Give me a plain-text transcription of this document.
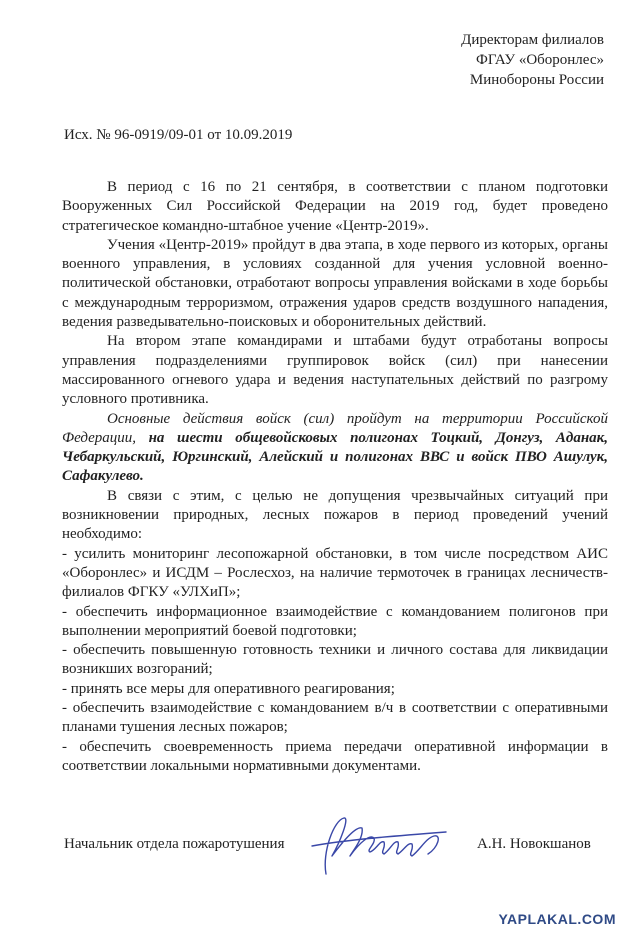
Директорам филиалов
ФГАУ «Оборонлес»
Минобороны России
Исх. № 96-0919/09-01 от 10.09.2019

В период с 16 по 21 сентября, в соответствии с планом подготовки Вооруженных Сил Российской Федерации на 2019 год, будет проведено стратегическое командно-штабное учение «Центр-2019».

Учения «Центр-2019» пройдут в два этапа, в ходе первого из которых, органы военного управления, в условиях созданной для учения условной военно-политической обстановки, отработают вопросы управления войсками в ходе борьбы с международным терроризмом, отражения ударов средств воздушного нападения, ведения разведывательно-поисковых и оборонительных действий.

На втором этапе командирами и штабами будут отработаны вопросы управления подразделениями группировок войск (сил) при нанесении массированного огневого удара и ведения наступательных действий по разгрому условного противника.

Основные действия войск (сил) пройдут на территории Российской Федерации, на шести общевойсковых полигонах Тоцкий, Донгуз, Аданак, Чебаркульский, Юргинский, Алейский и полигонах ВВС и войск ПВО Ашулук, Сафакулево.

В связи с этим, с целью не допущения чрезвычайных ситуаций при возникновении природных, лесных пожаров в период проведений учений необходимо:

- усилить мониторинг лесопожарной обстановки, в том числе посредством АИС «Оборонлес» и ИСДМ – Рослесхоз, на наличие термоточек в границах лесничеств-филиалов ФГКУ «УЛХиП»;

- обеспечить информационное взаимодействие с командованием полигонов при выполнении мероприятий боевой подготовки;

- обеспечить повышенную готовность техники и личного состава для ликвидации возникших возгораний;

- принять все меры для оперативного реагирования;

- обеспечить взаимодействие с командованием в/ч в соответствии с оперативными планами тушения лесных пожаров;

- обеспечить своевременность приема передачи оперативной информации в соответствии локальными нормативными документами.

Начальник отдела пожаротушения	А.Н. Новокшанов
YAPLAKAL.COM
